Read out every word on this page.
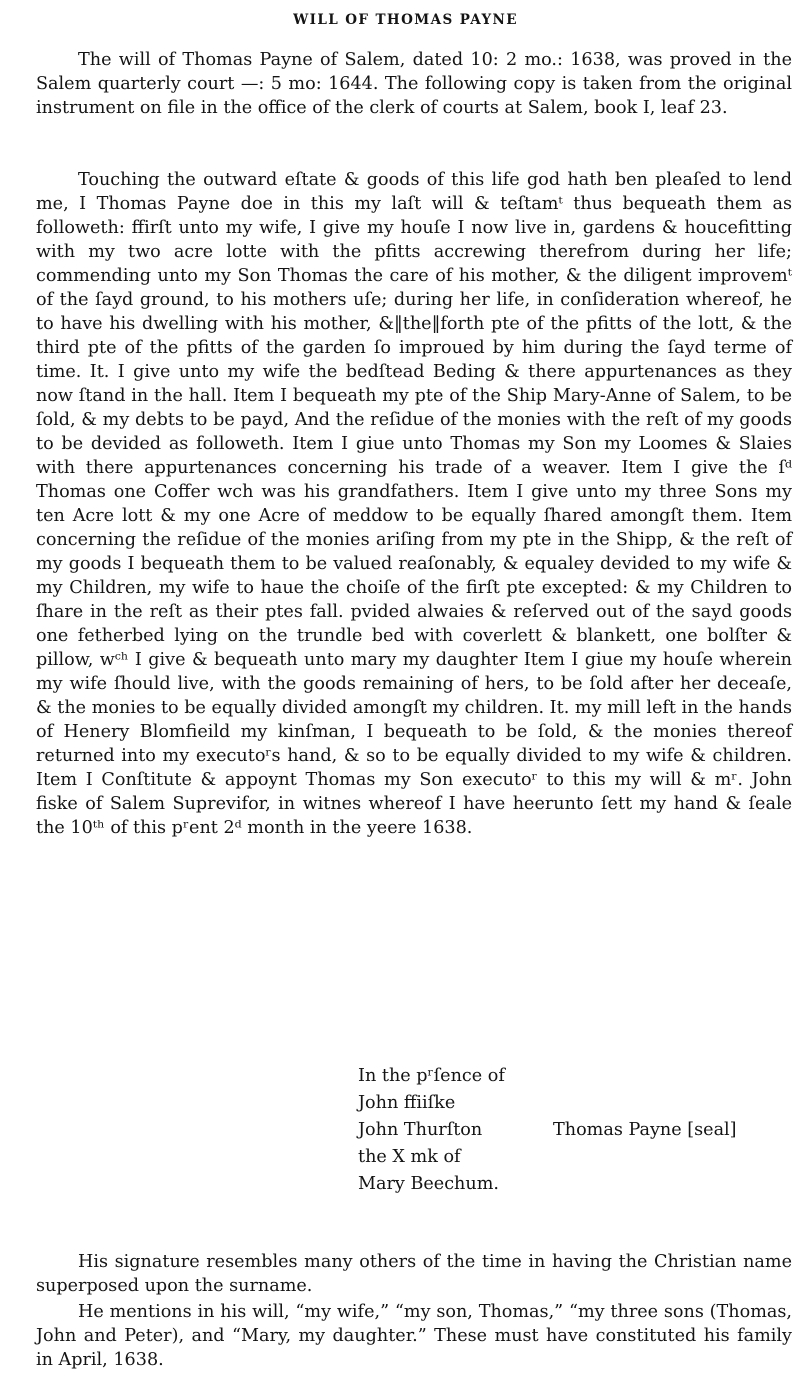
WILL OF THOMAS PAYNE

The will of Thomas Payne of Salem, dated 10: 2 mo.: 1638, was proved in the Salem quarterly court —: 5 mo: 1644. The following copy is taken from the original instrument on file in the office of the clerk of courts at Salem, book I, leaf 23.

Touching the outward eſtate & goods of this life god hath ben pleaſed to lend me, I Thomas Payne doe in this my laſt will & teſtamᵗ thus bequeath them as followeth: ffirſt unto my wife, I give my houſe I now live in, gardens & houcefitting with my two acre lotte with the pfitts accrewing therefrom during her life; commending unto my Son Thomas the care of his mother, & the diligent improvemᵗ of the ſayd ground, to his mothers uſe; during her life, in conſideration whereof, he to have his dwelling with his mother, &‖the‖forth pte of the pfitts of the lott, & the third pte of the pfitts of the garden ſo improued by him during the ſayd terme of time. It. I give unto my wife the bedſtead Beding & there appurtenances as they now ſtand in the hall. Item I bequeath my pte of the Ship Mary-Anne of Salem, to be ſold, & my debts to be payd, And the reſidue of the monies with the reſt of my goods to be devided as followeth. Item I giue unto Thomas my Son my Loomes & Slaies with there appurtenances concerning his trade of a weaver. Item I give the ſᵈ Thomas one Coffer wch was his grandfathers. Item I give unto my three Sons my ten Acre lott & my one Acre of meddow to be equally ſhared amongſt them. Item concerning the reſidue of the monies ariſing from my pte in the Shipp, & the reſt of my goods I bequeath them to be valued reaſonably, & equaley devided to my wife & my Children, my wife to haue the choiſe of the firſt pte excepted: & my Children to ſhare in the reſt as their ptes fall. pvided alwaies & reſerved out of the sayd goods one fetherbed lying on the trundle bed with coverlett & blankett, one bolſter & pillow, wᶜʰ I give & bequeath unto mary my daughter Item I giue my houſe wherein my wife ſhould live, with the goods remaining of hers, to be ſold after her deceaſe, & the monies to be equally divided amongſt my children. It. my mill left in the hands of Henery Blomfieild my kinſman, I bequeath to be ſold, & the monies thereof returned into my executoʳs hand, & so to be equally divided to my wife & children. Item I Conſtitute & appoynt Thomas my Son executoʳ to this my will & mʳ. John fiske of Salem Suprevifor, in witnes whereof I have heerunto ſett my hand & ſeale the 10ᵗʰ of this pʳent 2ᵈ month in the yeere 1638.

In the pʳſence of
John ffiiſke
John Thurſton	Thomas Payne [seal]
the X mk of
Mary Beechum.

His signature resembles many others of the time in having the Christian name superposed upon the surname.

He mentions in his will, “my wife,” “my son, Thomas,” “my three sons (Thomas, John and Peter), and “Mary, my daughter.” These must have constituted his family in April, 1638.
